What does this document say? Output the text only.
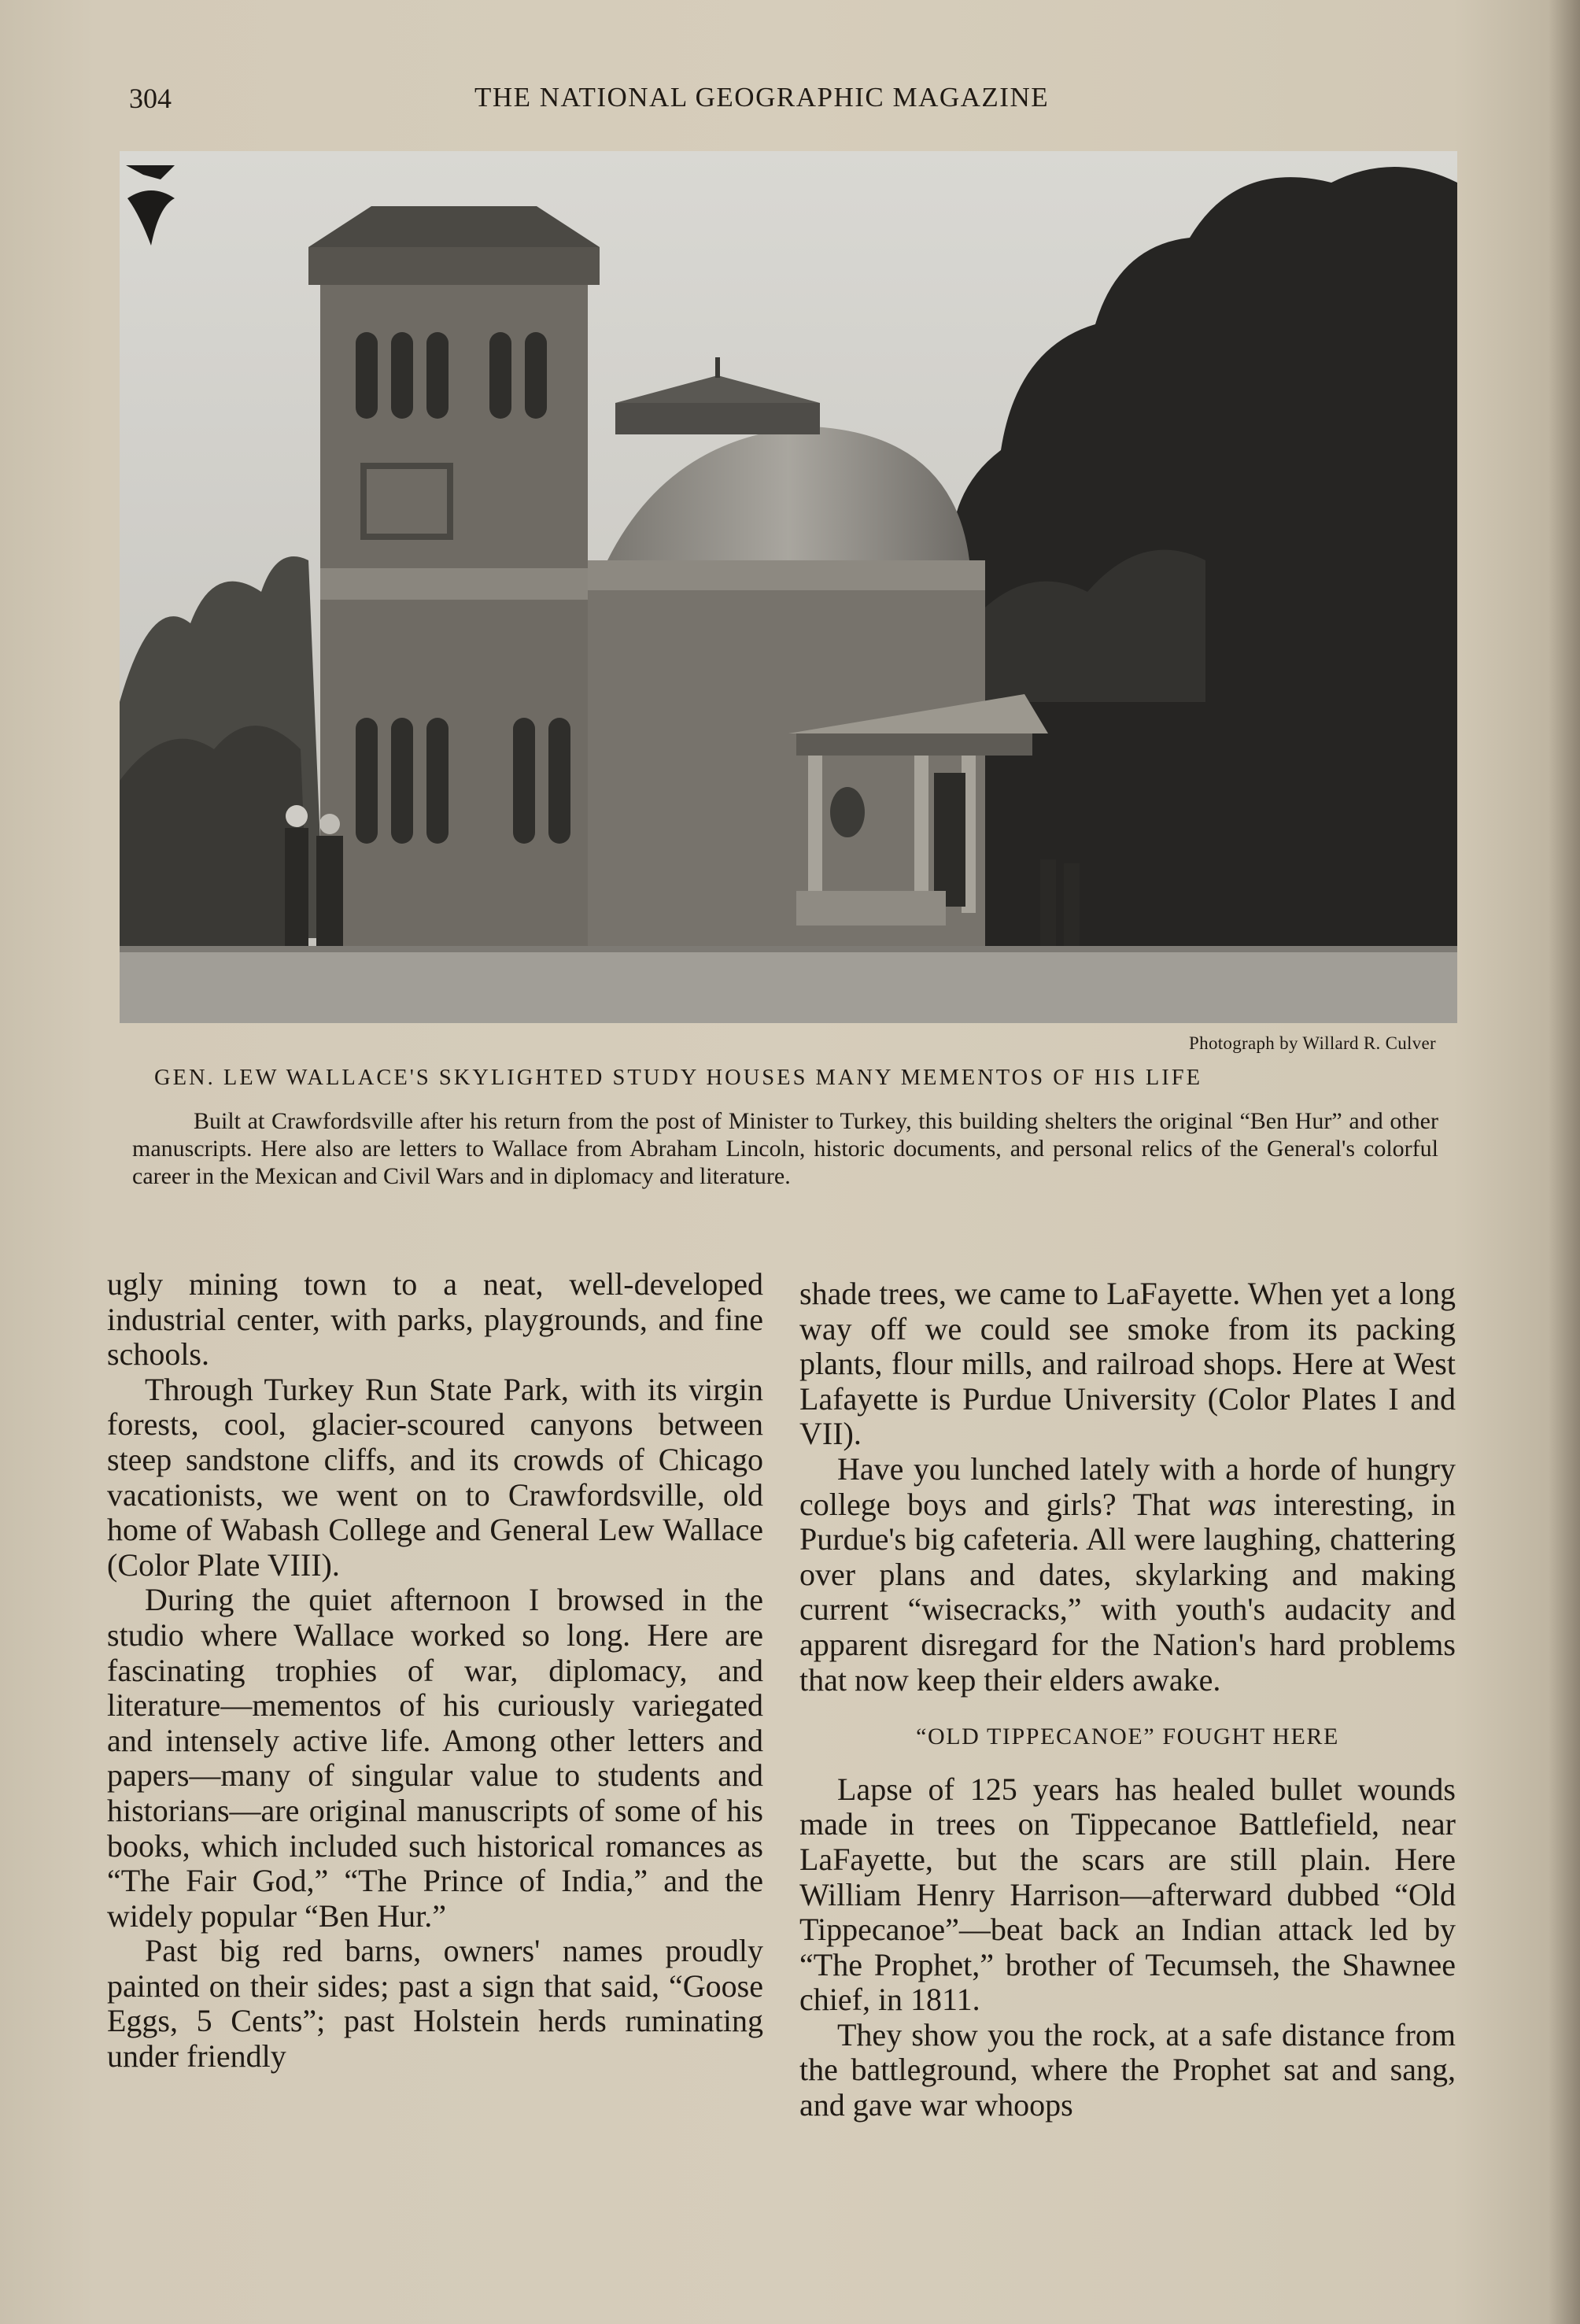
304	THE NATIONAL GEOGRAPHIC MAGAZINE
Photograph by Willard R. Culver
GEN. LEW WALLACE'S SKYLIGHTED STUDY HOUSES MANY MEMENTOS OF HIS LIFE
Built at Crawfordsville after his return from the post of Minister to Turkey, this building shelters the original “Ben Hur” and other manuscripts. Here also are letters to Wallace from Abraham Lincoln, historic documents, and personal relics of the General's colorful career in the Mexican and Civil Wars and in diplomacy and literature.

ugly mining town to a neat, well-developed industrial center, with parks, playgrounds, and fine schools.

Through Turkey Run State Park, with its virgin forests, cool, glacier-scoured canyons between steep sandstone cliffs, and its crowds of Chicago vacationists, we went on to Crawfordsville, old home of Wabash College and General Lew Wallace (Color Plate VIII).

During the quiet afternoon I browsed in the studio where Wallace worked so long. Here are fascinating trophies of war, diplomacy, and literature—mementos of his curiously variegated and intensely active life. Among other letters and papers—many of singular value to students and historians—are original manuscripts of some of his books, which included such historical romances as “The Fair God,” “The Prince of India,” and the widely popular “Ben Hur.”

Past big red barns, owners' names proudly painted on their sides; past a sign that said, “Goose Eggs, 5 Cents”; past Holstein herds ruminating under friendly

shade trees, we came to LaFayette. When yet a long way off we could see smoke from its packing plants, flour mills, and railroad shops. Here at West Lafayette is Purdue University (Color Plates I and VII).

Have you lunched lately with a horde of hungry college boys and girls? That was interesting, in Purdue's big cafeteria. All were laughing, chattering over plans and dates, skylarking and making current “wisecracks,” with youth's audacity and apparent disregard for the Nation's hard problems that now keep their elders awake.

“OLD TIPPECANOE” FOUGHT HERE

Lapse of 125 years has healed bullet wounds made in trees on Tippecanoe Battlefield, near LaFayette, but the scars are still plain. Here William Henry Harrison—afterward dubbed “Old Tippecanoe”—beat back an Indian attack led by “The Prophet,” brother of Tecumseh, the Shawnee chief, in 1811.

They show you the rock, at a safe distance from the battleground, where the Prophet sat and sang, and gave war whoops
